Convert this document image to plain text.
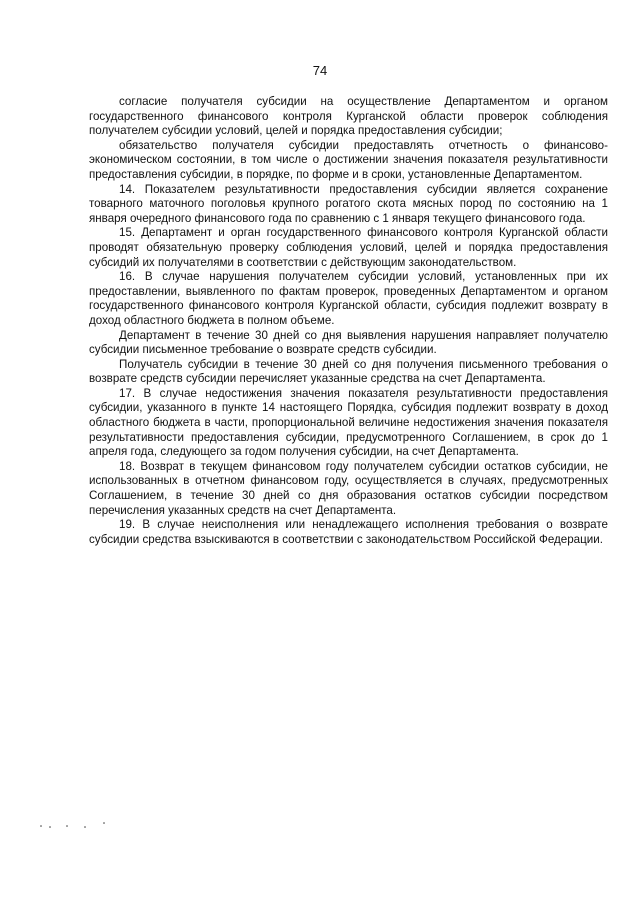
74

согласие получателя субсидии на осуществление Департаментом и органом государственного финансового контроля Курганской области проверок соблюдения получателем субсидии условий, целей и порядка предоставления субсидии;

обязательство получателя субсидии предоставлять отчетность о финансово-экономическом состоянии, в том числе о достижении значения показателя результативности предоставления субсидии, в порядке, по форме и в сроки, установленные Департаментом.

14. Показателем результативности предоставления субсидии является сохранение товарного маточного поголовья крупного рогатого скота мясных пород по состоянию на 1 января очередного финансового года по сравнению с 1 января текущего финансового года.

15. Департамент и орган государственного финансового контроля Курганской области проводят обязательную проверку соблюдения условий, целей и порядка предоставления субсидий их получателями в соответствии с действующим законодательством.

16. В случае нарушения получателем субсидии условий, установленных при их предоставлении, выявленного по фактам проверок, проведенных Департаментом и органом государственного финансового контроля Курганской области, субсидия подлежит возврату в доход областного бюджета в полном объеме.

Департамент в течение 30 дней со дня выявления нарушения направляет получателю субсидии письменное требование о возврате средств субсидии.

Получатель субсидии в течение 30 дней со дня получения письменного требования о возврате средств субсидии перечисляет указанные средства на счет Департамента.

17. В случае недостижения значения показателя результативности предоставления субсидии, указанного в пункте 14 настоящего Порядка, субсидия подлежит возврату в доход областного бюджета в части, пропорциональной величине недостижения значения показателя результативности предоставления субсидии, предусмотренного Соглашением, в срок до 1 апреля года, следующего за годом получения субсидии, на счет Департамента.

18. Возврат в текущем финансовом году получателем субсидии остатков субсидии, не использованных в отчетном финансовом году, осуществляется в случаях, предусмотренных Соглашением, в течение 30 дней со дня образования остатков субсидии посредством перечисления указанных средств на счет Департамента.

19. В случае неисполнения или ненадлежащего исполнения требования о возврате субсидии средства взыскиваются в соответствии с законодательством Российской Федерации.
